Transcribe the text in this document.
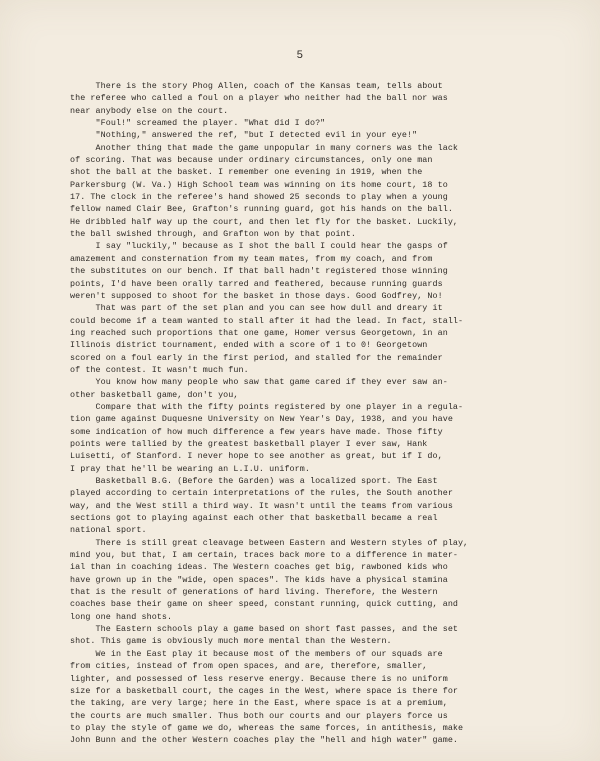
5
There is the story Phog Allen, coach of the Kansas team, tells about
the referee who called a foul on a player who neither had the ball nor was
near anybody else on the court.
"Foul!" screamed the player. "What did I do?"
"Nothing," answered the ref, "but I detected evil in your eye!"
Another thing that made the game unpopular in many corners was the lack
of scoring. That was because under ordinary circumstances, only one man
shot the ball at the basket. I remember one evening in 1919, when the
Parkersburg (W. Va.) High School team was winning on its home court, 18 to
17. The clock in the referee's hand showed 25 seconds to play when a young
fellow named Clair Bee, Grafton's running guard, got his hands on the ball.
He dribbled half way up the court, and then let fly for the basket. Luckily,
the ball swished through, and Grafton won by that point.
I say "luckily," because as I shot the ball I could hear the gasps of
amazement and consternation from my team mates, from my coach, and from
the substitutes on our bench. If that ball hadn't registered those winning
points, I'd have been orally tarred and feathered, because running guards
weren't supposed to shoot for the basket in those days. Good Godfrey, No!
That was part of the set plan and you can see how dull and dreary it
could become if a team wanted to stall after it had the lead. In fact, stall-
ing reached such proportions that one game, Homer versus Georgetown, in an
Illinois district tournament, ended with a score of 1 to 0! Georgetown
scored on a foul early in the first period, and stalled for the remainder
of the contest. It wasn't much fun.
You know how many people who saw that game cared if they ever saw an-
other basketball game, don't you,
Compare that with the fifty points registered by one player in a regula-
tion game against Duquesne University on New Year's Day, 1938, and you have
some indication of how much difference a few years have made. Those fifty
points were tallied by the greatest basketball player I ever saw, Hank
Luisetti, of Stanford. I never hope to see another as great, but if I do,
I pray that he'll be wearing an L.I.U. uniform.
Basketball B.G. (Before the Garden) was a localized sport. The East
played according to certain interpretations of the rules, the South another
way, and the West still a third way. It wasn't until the teams from various
sections got to playing against each other that basketball became a real
national sport.
There is still great cleavage between Eastern and Western styles of play,
mind you, but that, I am certain, traces back more to a difference in mater-
ial than in coaching ideas. The Western coaches get big, rawboned kids who
have grown up in the "wide, open spaces". The kids have a physical stamina
that is the result of generations of hard living. Therefore, the Western
coaches base their game on sheer speed, constant running, quick cutting, and
long one hand shots.
The Eastern schools play a game based on short fast passes, and the set
shot. This game is obviously much more mental than the Western.
We in the East play it because most of the members of our squads are
from cities, instead of from open spaces, and are, therefore, smaller,
lighter, and possessed of less reserve energy. Because there is no uniform
size for a basketball court, the cages in the West, where space is there for
the taking, are very large; here in the East, where space is at a premium,
the courts are much smaller. Thus both our courts and our players force us
to play the style of game we do, whereas the same forces, in antithesis, make
John Bunn and the other Western coaches play the "hell and high water" game.
